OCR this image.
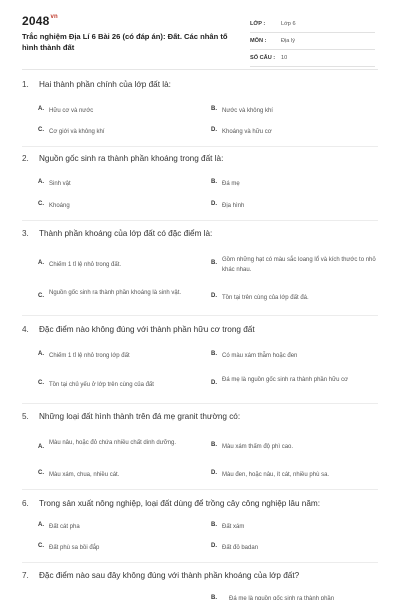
$2048^{vn}$
Trắc nghiệm Địa Lí 6 Bài 26 (có đáp án): Đất. Các nhân tố hình thành đất
LỚP :	Lớp 6
MÔN :	Địa lý
SỐ CÂU :	10
1. Hai thành phần chính của lớp đất là:
A. Hữu cơ và nước	B. Nước và không khí
C. Cơ giới và không khí	D. Khoáng và hữu cơ
2. Nguồn gốc sinh ra thành phần khoáng trong đất là:
A. Sinh vật	B. Đá mẹ
C. Khoáng	D. Địa hình
3. Thành phần khoáng của lớp đất có đặc điểm là:
A. Chiếm 1 tỉ lệ nhỏ trong đất.	B. Gồm những hạt có màu sắc loang lổ và kích thước to nhỏ khác nhau.
C. Nguồn gốc sinh ra thành phần khoáng là sinh vật.	D. Tồn tại trên cùng của lớp đất đá.
4. Đặc điểm nào không đúng với thành phần hữu cơ trong đất
A. Chiếm 1 tỉ lệ nhỏ trong lớp đất	B. Có màu xám thẫm hoặc đen
C. Tồn tại chủ yếu ở lớp trên cùng của đất	D. Đá mẹ là nguồn gốc sinh ra thành phần hữu cơ
5. Những loại đất hình thành trên đá mẹ granit thường có:
A.
Màu nâu, hoặc đỏ chứa nhiều chất dinh dưỡng.	B. Màu xám thấm độ phì cao.
C. Màu xám, chua, nhiều cát.	D. Màu đen, hoặc nâu, ít cát, nhiều phù sa.
6. Trong sản xuất nông nghiệp, loại đất dùng để trồng cây công nghiệp lâu năm:
A. Đất cát pha	B. Đất xám
C. Đất phù sa bồi đắp	D. Đất đỏ badan
7. Đặc điểm nào sau đây không đúng với thành phần khoáng của lớp đất?
B. Đá mẹ là nguồn gốc sinh ra thành phần
